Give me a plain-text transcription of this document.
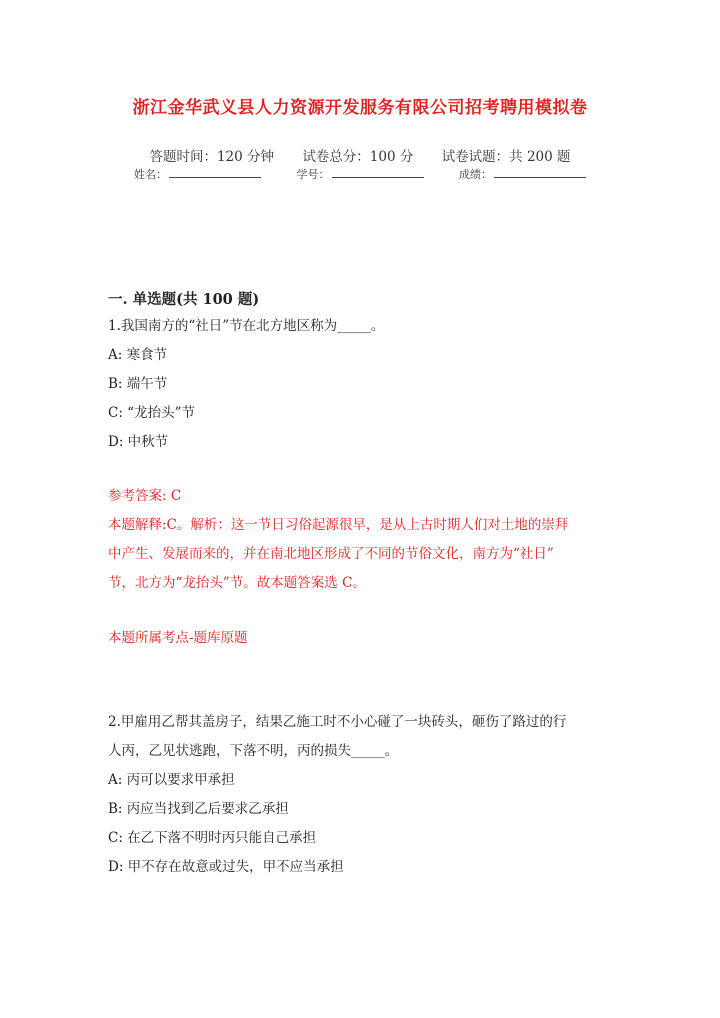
浙江金华武义县人力资源开发服务有限公司招考聘用模拟卷
答题时间：120 分钟 试卷总分：100 分 试卷试题：共 200 题
姓名：	学号：	成绩：
一. 单选题(共 100 题)
1.我国南方的“社日”节在北方地区称为_____。
A: 寒食节
B: 端午节
C: “龙抬头”节
D: 中秋节
参考答案: C
本题解释:C。解析：这一节日习俗起源很早，是从上古时期人们对土地的崇拜
中产生、发展而来的，并在南北地区形成了不同的节俗文化，南方为“社日”
节，北方为“龙抬头”节。故本题答案选 C。
本题所属考点-题库原题
2.甲雇用乙帮其盖房子，结果乙施工时不小心碰了一块砖头，砸伤了路过的行
人丙，乙见状逃跑，下落不明，丙的损失_____。
A: 丙可以要求甲承担
B: 丙应当找到乙后要求乙承担
C: 在乙下落不明时丙只能自己承担
D: 甲不存在故意或过失，甲不应当承担
